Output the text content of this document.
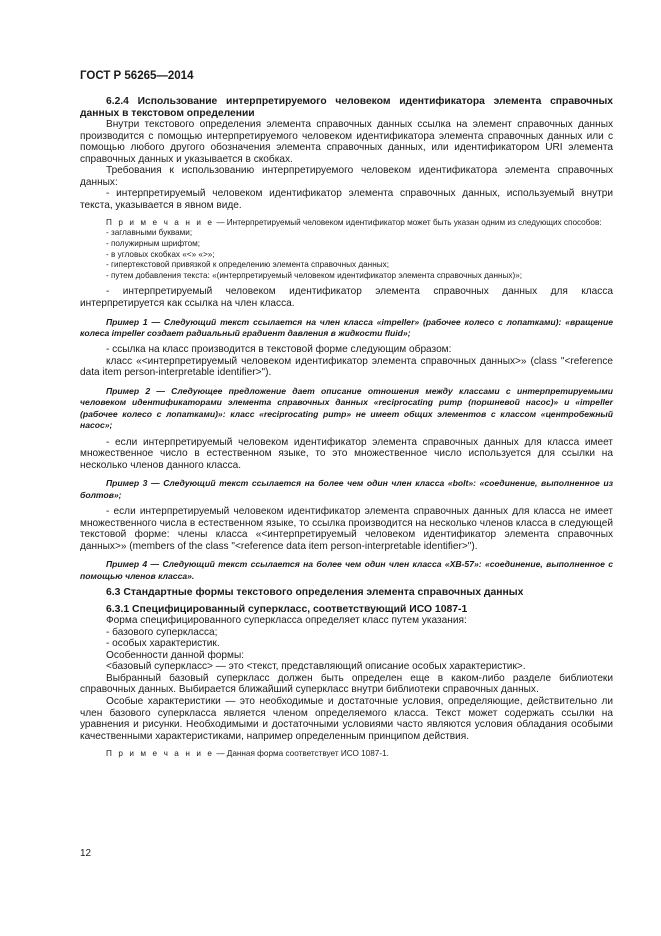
ГОСТ Р 56265—2014

6.2.4 Использование интерпретируемого человеком идентификатора элемента справочных данных в текстовом определении

Внутри текстового определения элемента справочных данных ссылка на элемент справочных данных производится с помощью интерпретируемого человеком идентификатора элемента справочных данных или с помощью любого другого обозначения элемента справочных данных, или идентификатором URI элемента справочных данных и указывается в скобках.

Требования к использованию интерпретируемого человеком идентификатора элемента справочных данных:

- интерпретируемый человеком идентификатор элемента справочных данных, используемый внутри текста, указывается в явном виде.

П р и м е ч а н и е — Интерпретируемый человеком идентификатор может быть указан одним из следующих способов:

- заглавными буквами;

- полужирным шрифтом;

- в угловых скобках «<» «>»;

- гипертекстовой привязкой к определению элемента справочных данных;

- путем добавления текста: «(интерпретируемый человеком идентификатор элемента справочных данных)»;

- интерпретируемый человеком идентификатор элемента справочных данных для класса интерпретируется как ссылка на член класса.

Пример 1 — Следующий текст ссылается на член класса «impeller» (рабочее колесо с лопатками): «вращение колеса impeller создает радиальный градиент давления в жидкости fluid»;

- ссылка на класс производится в текстовой форме следующим образом:

класс «<интерпретируемый человеком идентификатор элемента справочных данных>» (class "<reference data item person-interpretable identifier>").

Пример 2 — Следующее предложение дает описание отношения между классами с интерпретируемыми человеком идентификаторами элемента справочных данных «reciprocating pump (поршневой насос)» и «impeller (рабочее колесо с лопатками)»: класс «reciprocating pump» не имеет общих элементов с классом «центробежный насос»;

- если интерпретируемый человеком идентификатор элемента справочных данных для класса имеет множественное число в естественном языке, то это множественное число используется для ссылки на несколько членов данного класса.

Пример 3 — Следующий текст ссылается на более чем один член класса «bolt»: «соединение, выполненное из болтов»;

- если интерпретируемый человеком идентификатор элемента справочных данных для класса не имеет множественного числа в естественном языке, то ссылка производится на несколько членов класса в следующей текстовой форме: члены класса «<интерпретируемый человеком идентификатор элемента справочных данных>» (members of the class "<reference data item person-interpretable identifier>").

Пример 4 — Следующий текст ссылается на более чем один член класса «ХВ-57»: «соединение, выполненное с помощью членов класса».

6.3 Стандартные формы текстового определения элемента справочных данных

6.3.1 Специфицированный суперкласс, соответствующий ИСО 1087-1

Форма специфицированного суперкласса определяет класс путем указания:

- базового суперкласса;

- особых характеристик.

Особенности данной формы:

<базовый суперкласс> — это <текст, представляющий описание особых характеристик>.

Выбранный базовый суперкласс должен быть определен еще в каком-либо разделе библиотеки справочных данных. Выбирается ближайший суперкласс внутри библиотеки справочных данных.

Особые характеристики — это необходимые и достаточные условия, определяющие, действительно ли член базового суперкласса является членом определяемого класса. Текст может содержать ссылки на уравнения и рисунки. Необходимыми и достаточными условиями часто являются условия обладания особыми качественными характеристиками, например определенным принципом действия.

П р и м е ч а н и е — Данная форма соответствует ИСО 1087-1.

12
